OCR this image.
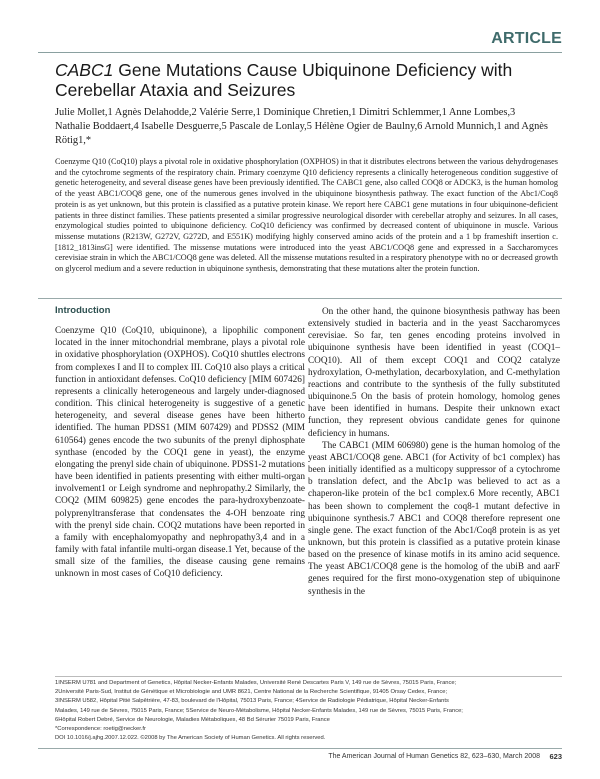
ARTICLE
CABC1 Gene Mutations Cause Ubiquinone Deficiency with Cerebellar Ataxia and Seizures
Julie Mollet,1 Agnès Delahodde,2 Valérie Serre,1 Dominique Chretien,1 Dimitri Schlemmer,1 Anne Lombes,3 Nathalie Boddaert,4 Isabelle Desguerre,5 Pascale de Lonlay,5 Hélène Ogier de Baulny,6 Arnold Munnich,1 and Agnès Rötig1,*
Coenzyme Q10 (CoQ10) plays a pivotal role in oxidative phosphorylation (OXPHOS) in that it distributes electrons between the various dehydrogenases and the cytochrome segments of the respiratory chain. Primary coenzyme Q10 deficiency represents a clinically heterogeneous condition suggestive of genetic heterogeneity, and several disease genes have been previously identified. The CABC1 gene, also called COQ8 or ADCK3, is the human homolog of the yeast ABC1/COQ8 gene, one of the numerous genes involved in the ubiquinone biosynthesis pathway. The exact function of the Abc1/Coq8 protein is as yet unknown, but this protein is classified as a putative protein kinase. We report here CABC1 gene mutations in four ubiquinone-deficient patients in three distinct families. These patients presented a similar progressive neurological disorder with cerebellar atrophy and seizures. In all cases, enzymological studies pointed to ubiquinone deficiency. CoQ10 deficiency was confirmed by decreased content of ubiquinone in muscle. Various missense mutations (R213W, G272V, G272D, and E551K) modifying highly conserved amino acids of the protein and a 1 bp frameshift insertion c.[1812_1813insG] were identified. The missense mutations were introduced into the yeast ABC1/COQ8 gene and expressed in a Saccharomyces cerevisiae strain in which the ABC1/COQ8 gene was deleted. All the missense mutations resulted in a respiratory phenotype with no or decreased growth on glycerol medium and a severe reduction in ubiquinone synthesis, demonstrating that these mutations alter the protein function.
Introduction

Coenzyme Q10 (CoQ10, ubiquinone), a lipophilic component located in the inner mitochondrial membrane, plays a pivotal role in oxidative phosphorylation (OXPHOS). CoQ10 shuttles electrons from complexes I and II to complex III. CoQ10 also plays a critical function in antioxidant defenses. CoQ10 deficiency [MIM 607426] represents a clinically heterogeneous and largely under-diagnosed condition. This clinical heterogeneity is suggestive of a genetic heterogeneity, and several disease genes have been hitherto identified. The human PDSS1 (MIM 607429) and PDSS2 (MIM 610564) genes encode the two subunits of the prenyl diphosphate synthase (encoded by the COQ1 gene in yeast), the enzyme elongating the prenyl side chain of ubiquinone. PDSS1-2 mutations have been identified in patients presenting with either multi-organ involvement1 or Leigh syndrome and nephropathy.2 Similarly, the COQ2 (MIM 609825) gene encodes the para-hydroxybenzoate-polyprenyltransferase that condensates the 4-OH benzoate ring with the prenyl side chain. COQ2 mutations have been reported in a family with encephalomyopathy and nephropathy3,4 and in a family with fatal infantile multi-organ disease.1 Yet, because of the small size of the families, the disease causing gene remains unknown in most cases of CoQ10 deficiency.

On the other hand, the quinone biosynthesis pathway has been extensively studied in bacteria and in the yeast Saccharomyces cerevisiae. So far, ten genes encoding proteins involved in ubiquinone synthesis have been identified in yeast (COQ1–COQ10). All of them except COQ1 and COQ2 catalyze hydroxylation, O-methylation, decarboxylation, and C-methylation reactions and contribute to the synthesis of the fully substituted ubiquinone.5 On the basis of protein homology, homolog genes have been identified in humans. Despite their unknown exact function, they represent obvious candidate genes for quinone deficiency in humans.

The CABC1 (MIM 606980) gene is the human homolog of the yeast ABC1/COQ8 gene. ABC1 (for Activity of bc1 complex) has been initially identified as a multicopy suppressor of a cytochrome b translation defect, and the Abc1p was believed to act as a chaperon-like protein of the bc1 complex.6 More recently, ABC1 has been shown to complement the coq8-1 mutant defective in ubiquinone synthesis.7 ABC1 and COQ8 therefore represent one single gene. The exact function of the Abc1/Coq8 protein is as yet unknown, but this protein is classified as a putative protein kinase based on the presence of kinase motifs in its amino acid sequence. The yeast ABC1/COQ8 gene is the homolog of the ubiB and aarF genes required for the first mono-oxygenation step of ubiquinone synthesis in the

1INSERM U781 and Department of Genetics, Hôpital Necker-Enfants Malades, Université René Descartes Paris V, 149 rue de Sèvres, 75015 Paris, France;
2Université Paris-Sud, Institut de Génétique et Microbiologie and UMR 8621, Centre National de la Recherche Scientifique, 91405 Orsay Cedex, France;
3INSERM U582, Hôpital Pitié Salpêtrière, 47-83, boulevard de l'Hôpital, 75013 Paris, France; 4Service de Radiologie Pédiatrique, Hôpital Necker-Enfants
Malades, 149 rue de Sèvres, 75015 Paris, France; 5Service de Neuro-Métabolisme, Hôpital Necker-Enfants Malades, 149 rue de Sèvres, 75015 Paris, France;
6Hôpital Robert Debré, Service de Neurologie, Maladies Métaboliques, 48 Bd Sérurier 75019 Paris, France
*Correspondence: roetig@necker.fr
DOI 10.1016/j.ajhg.2007.12.022. ©2008 by The American Society of Human Genetics. All rights reserved.
The American Journal of Human Genetics 82, 623–630, March 2008 623
